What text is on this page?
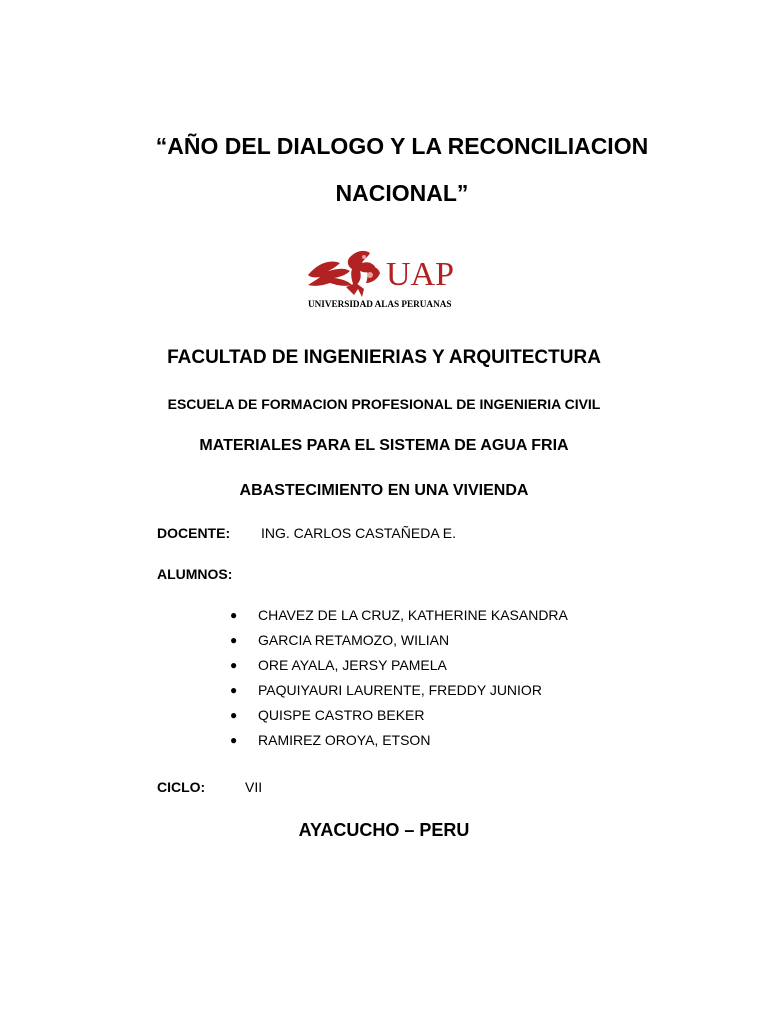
“AÑO DEL DIALOGO Y LA RECONCILIACION
NACIONAL”
UAP
UNIVERSIDAD ALAS PERUANAS
FACULTAD DE INGENIERIAS Y ARQUITECTURA
ESCUELA DE FORMACION PROFESIONAL DE INGENIERIA CIVIL
MATERIALES PARA EL SISTEMA DE AGUA FRIA
ABASTECIMIENTO EN UNA VIVIENDA
DOCENTE: ING. CARLOS CASTAÑEDA E.
ALUMNOS:
● CHAVEZ DE LA CRUZ, KATHERINE KASANDRA
● GARCIA RETAMOZO, WILIAN
● ORE AYALA, JERSY PAMELA
● PAQUIYAURI LAURENTE, FREDDY JUNIOR
● QUISPE CASTRO BEKER
● RAMIREZ OROYA, ETSON
CICLO:	VII
AYACUCHO – PERU
